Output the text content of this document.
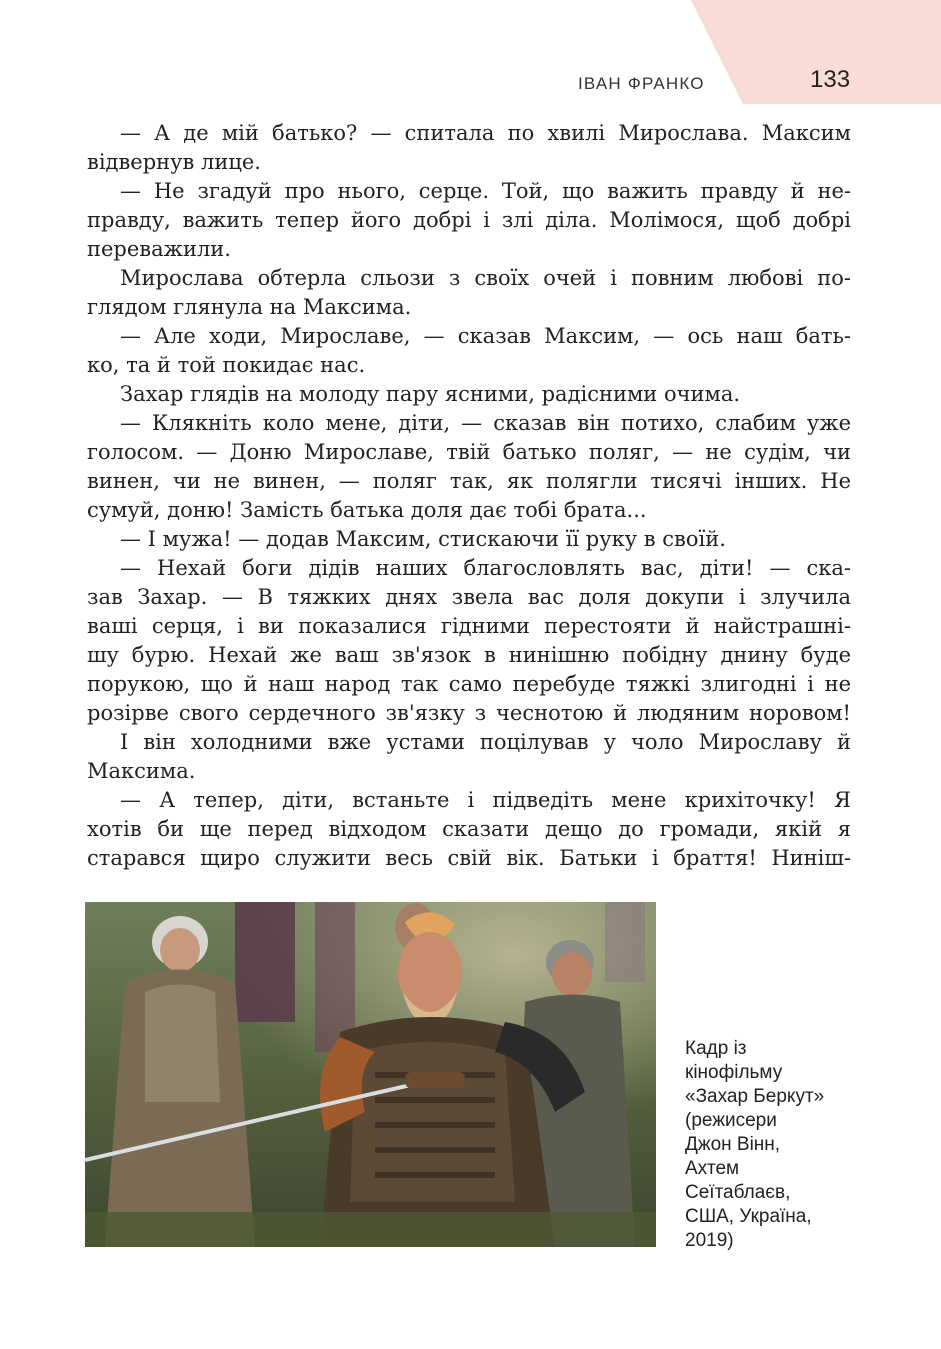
ІВАН ФРАНКО	133
— А де мій батько? — спитала по хвилі Мирослава. Максим
відвернув лице.
— Не згадуй про нього, серце. Той, що важить правду й не-
правду, важить тепер його добрі і злі діла. Молімося, щоб добрі
переважили.
Мирослава обтерла сльози з своїх очей і повним любові по-
глядом глянула на Максима.
— Але ходи, Мирославе, — сказав Максим, — ось наш бать-
ко, та й той покидає нас.
Захар глядів на молоду пару ясними, радісними очима.
— Клякніть коло мене, діти, — сказав він потихо, слабим уже
голосом. — Доню Мирославе, твій батько поляг, — не судім, чи
винен, чи не винен, — поляг так, як полягли тисячі інших. Не
сумуй, доню! Замість батька доля дає тобі брата...
— І мужа! — додав Максим, стискаючи її руку в своїй.
— Нехай боги дідів наших благословлять вас, діти! — ска-
зав Захар. — В тяжких днях звела вас доля докупи і злучила
ваші серця, і ви показалися гідними перестояти й найстрашні-
шу бурю. Нехай же ваш зв'язок в нинішню побідну днину буде
порукою, що й наш народ так само перебуде тяжкі злигодні і не
розірве свого сердечного зв'язку з чеснотою й людяним норовом!
І він холодними вже устами поцілував у чоло Мирославу й
Максима.
— А тепер, діти, встаньте і підведіть мене крихіточку! Я
хотів би ще перед відходом сказати дещо до громади, якій я
старався щиро служити весь свій вік. Батьки і браття! Ниніш-
Кадр із
кінофільму
«Захар Беркут»
(режисери
Джон Вінн,
Ахтем
Сеїтаблаєв,
США, Україна,
2019)
